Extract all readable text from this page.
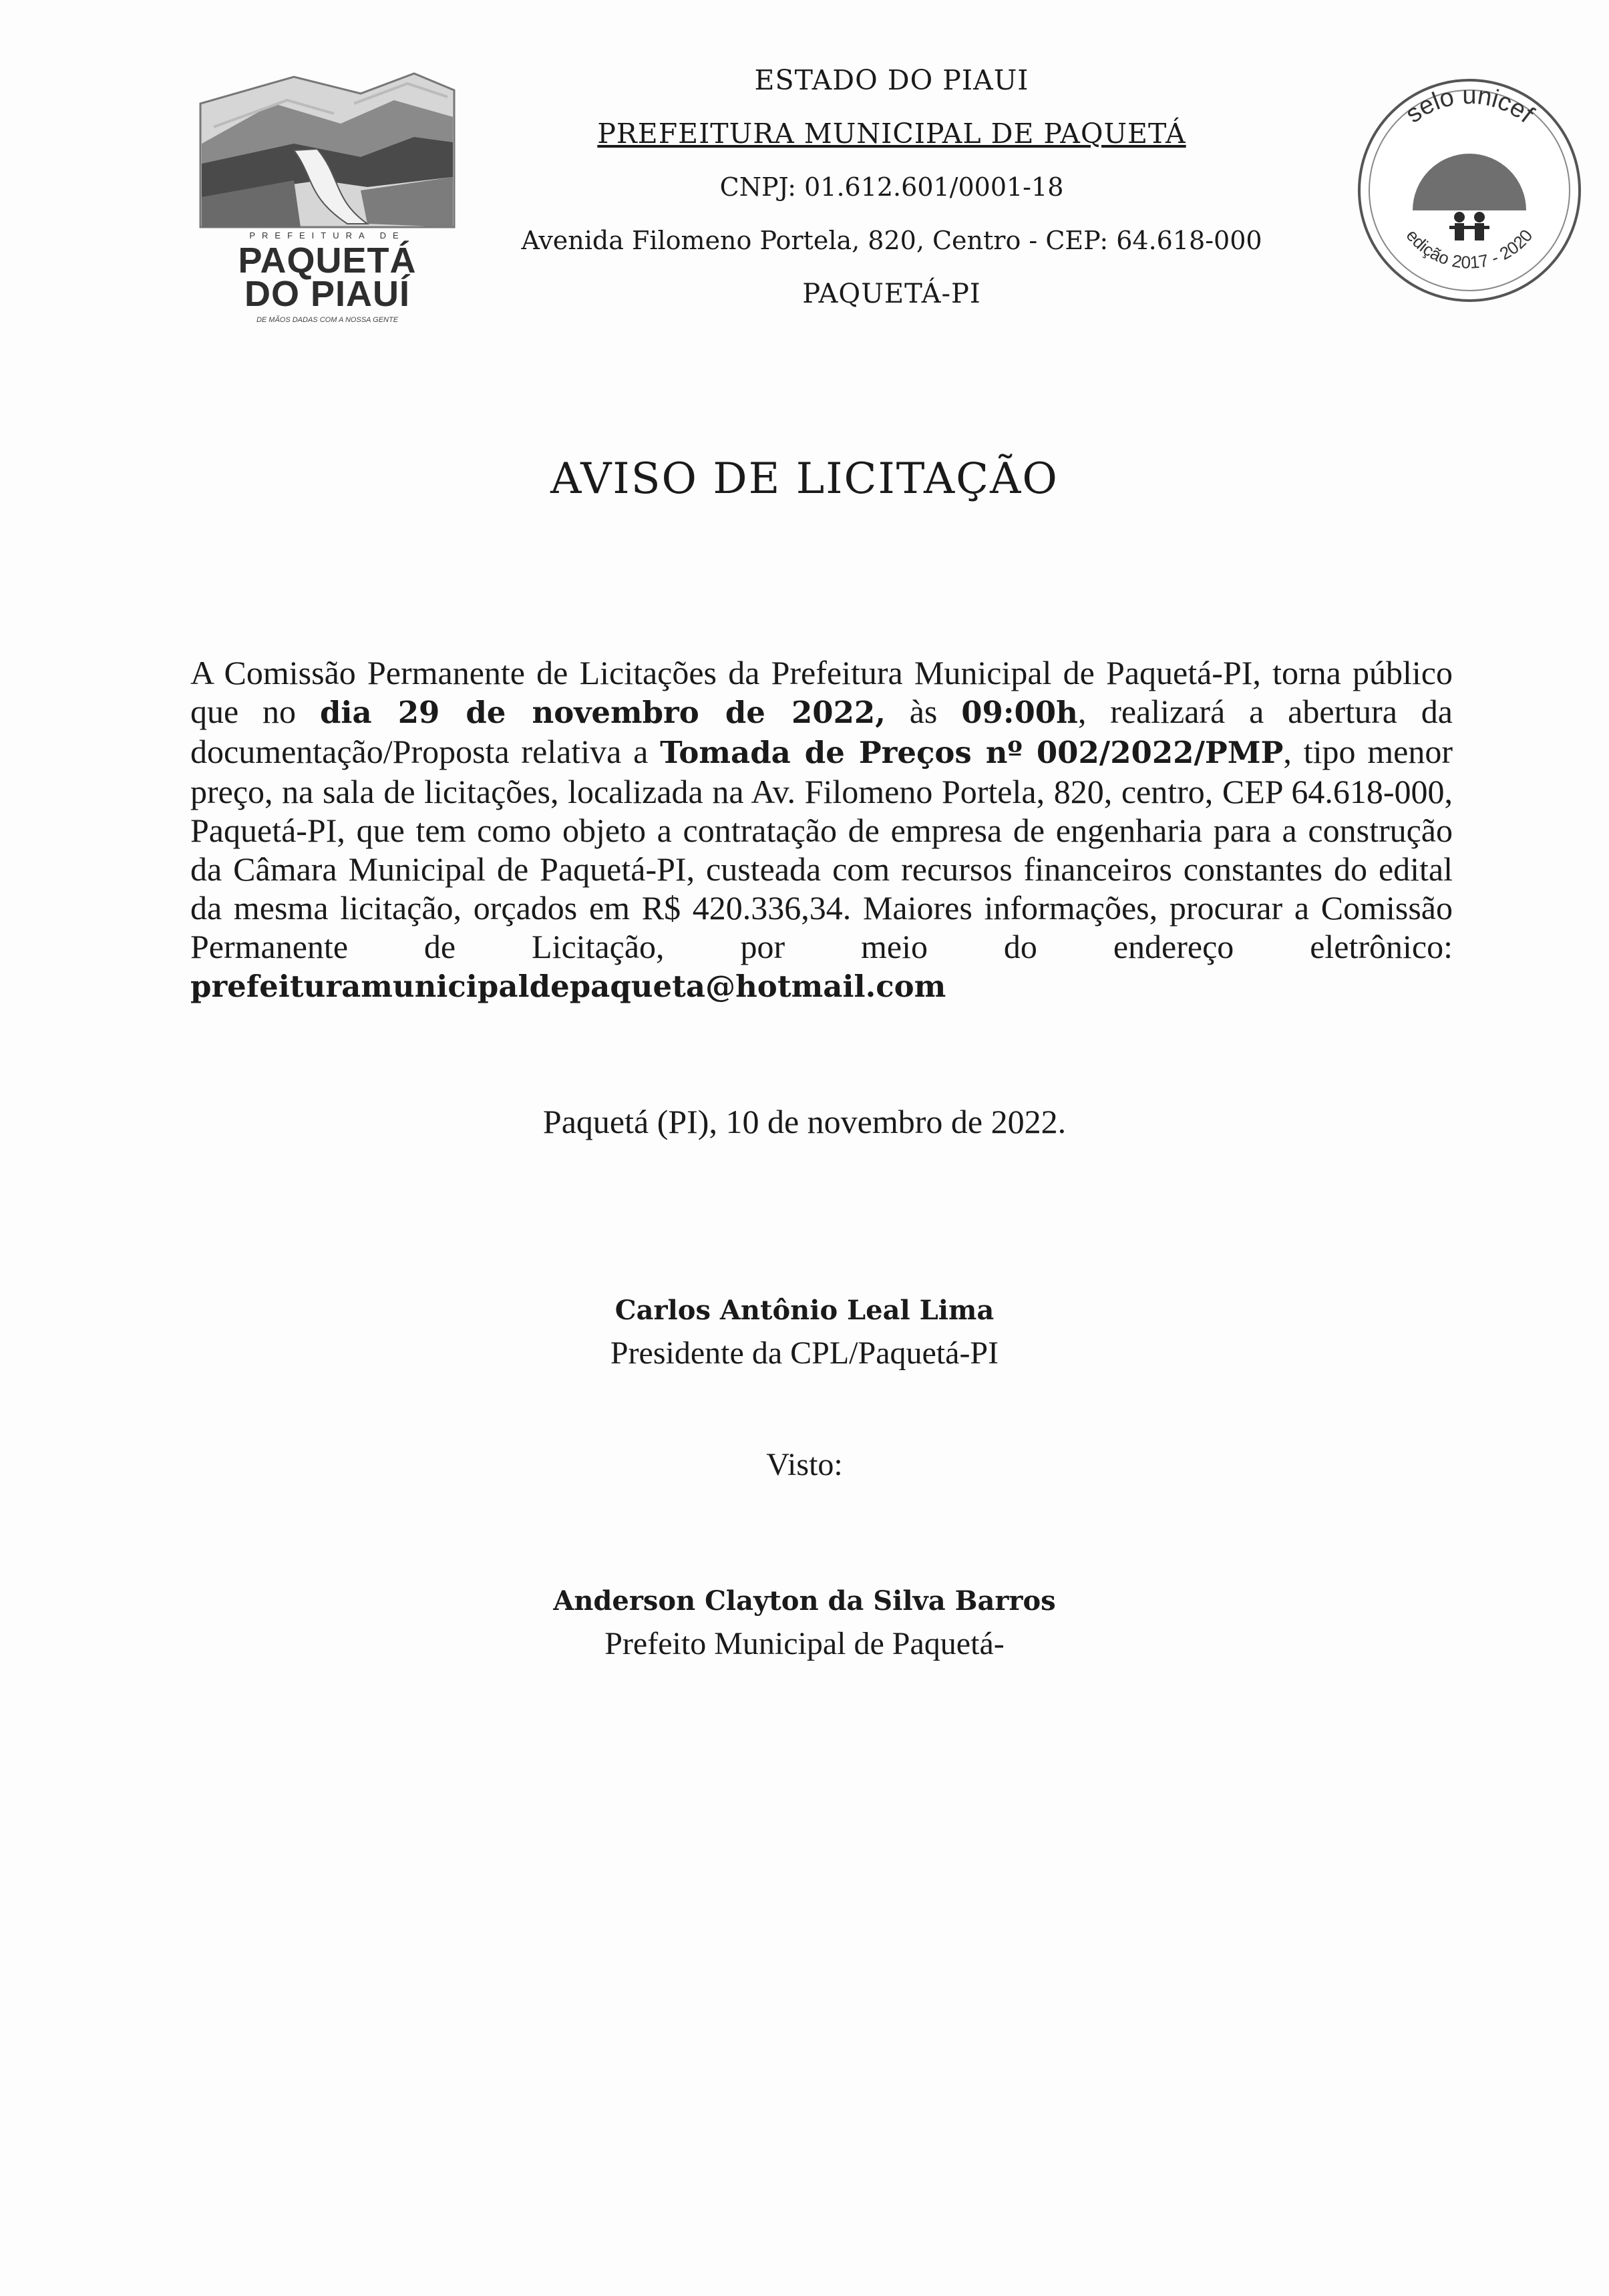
PREFEITURA DE
PAQUETÁ
DO PIAUÍ
DE MÃOS DADAS COM A NOSSA GENTE
ESTADO DO PIAUI
PREFEITURA MUNICIPAL DE PAQUETÁ
CNPJ: 01.612.601/0001-18
Avenida Filomeno Portela, 820, Centro - CEP: 64.618-000
PAQUETÁ-PI
selo unicef
edição 2017 - 2020
AVISO DE LICITAÇÃO

A Comissão Permanente de Licitações da Prefeitura Municipal de Paquetá-PI, torna público que no dia 29 de novembro de 2022, às 09:00h, realizará a abertura da documentação/Proposta relativa a Tomada de Preços nº 002/2022/PMP, tipo menor preço, na sala de licitações, localizada na Av. Filomeno Portela, 820, centro, CEP 64.618-000, Paquetá-PI, que tem como objeto a contratação de empresa de engenharia para a construção da Câmara Municipal de Paquetá-PI, custeada com recursos financeiros constantes do edital da mesma licitação, orçados em R$ 420.336,34. Maiores informações, procurar a Comissão Permanente de Licitação, por meio do endereço eletrônico: prefeituramunicipaldepaqueta@hotmail.com

Paquetá (PI), 10 de novembro de 2022.
Carlos Antônio Leal Lima
Presidente da CPL/Paquetá-PI
Visto:
Anderson Clayton da Silva Barros
Prefeito Municipal de Paquetá-
